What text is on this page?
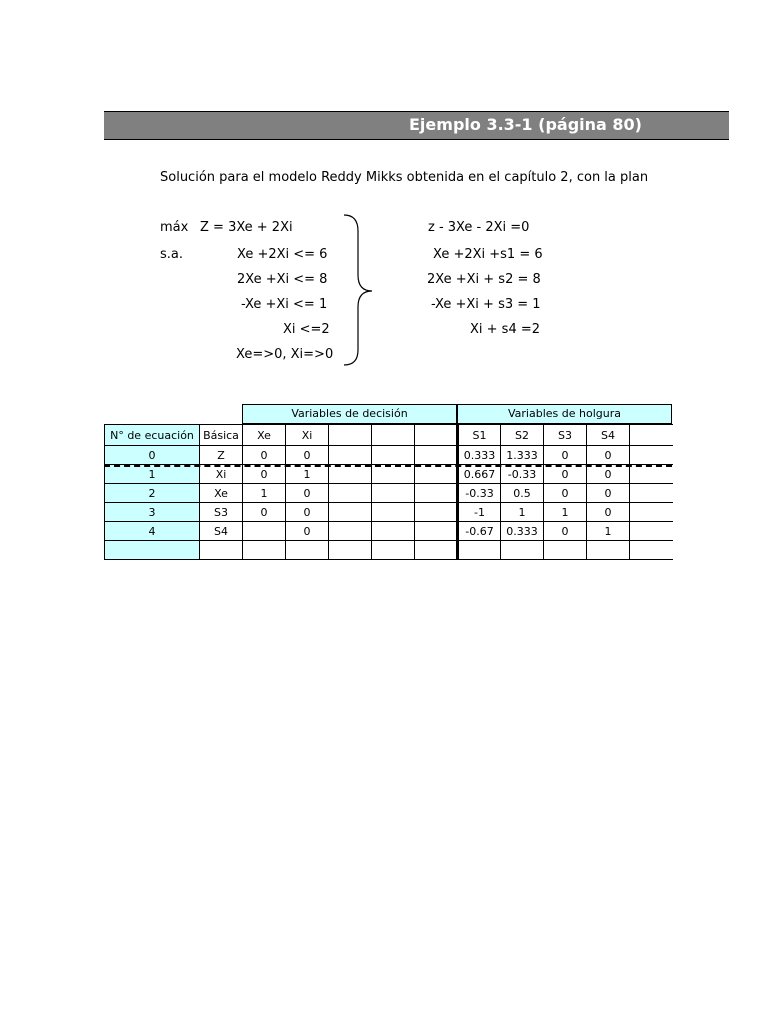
Ejemplo 3.3-1 (página 80)
Solución para el modelo Reddy Mikks obtenida en el capítulo 2, con la plan
máx Z = 3Xe + 2Xi
s.a.	Xe +2Xi <= 6
2Xe +Xi <= 8
-Xe +Xi <= 1
Xi <=2
Xe=>0, Xi=>0
z - 3Xe - 2Xi =0
Xe +2Xi +s1 = 6
2Xe +Xi + s2 = 8
-Xe +Xi + s3 = 1
Xi + s4 =2
Variables de decisión	Variables de holgura
N° de ecuación	Básica	Xe	Xi				S1	S2	S3	S4	
0	Z	0	0				0.333	1.333	0	0	
1	Xi	0	1				0.667	-0.33	0	0	
2	Xe	1	0				-0.33	0.5	0	0	
3	S3	0	0				-1	1	1	0	
4	S4		0				-0.67	0.333	0	1	
